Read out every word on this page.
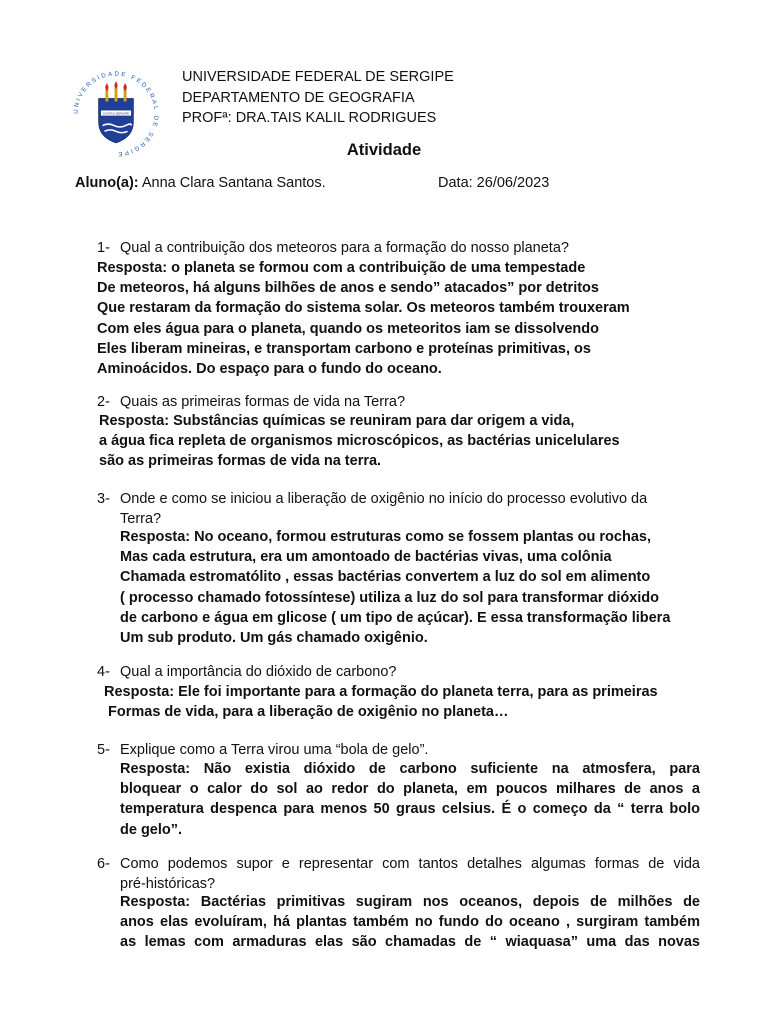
UNIVERSIDADE FEDERAL DE SERGIPE
CIVITAS SERGIPE
UNIVERSIDADE FEDERAL DE SERGIPE
DEPARTAMENTO DE GEOGRAFIA
PROFª: DRA.TAIS KALIL RODRIGUES
Atividade
Aluno(a): Anna Clara Santana Santos.	Data: 26/06/2023
1- Qual a contribuição dos meteoros para a formação do nosso planeta?
Resposta: o planeta se formou com a contribuição de uma tempestade
De meteoros, há alguns bilhões de anos e sendo” atacados” por detritos
Que restaram da formação do sistema solar. Os meteoros também trouxeram
Com eles água para o planeta, quando os meteoritos iam se dissolvendo
Eles liberam mineiras, e transportam carbono e proteínas primitivas, os
Aminoácidos. Do espaço para o fundo do oceano.
2- Quais as primeiras formas de vida na Terra?
Resposta: Substâncias químicas se reuniram para dar origem a vida,
a água fica repleta de organismos microscópicos, as bactérias unicelulares
são as primeiras formas de vida na terra.
3- Onde e como se iniciou a liberação de oxigênio no início do processo evolutivo da
Terra?
Resposta: No oceano, formou estruturas como se fossem plantas ou rochas,
Mas cada estrutura, era um amontoado de bactérias vivas, uma colônia
Chamada estromatólito , essas bactérias convertem a luz do sol em alimento
( processo chamado fotossíntese) utiliza a luz do sol para transformar dióxido
de carbono e água em glicose ( um tipo de açúcar). E essa transformação libera
Um sub produto. Um gás chamado oxigênio.
4- Qual a importância do dióxido de carbono?
Resposta: Ele foi importante para a formação do planeta terra, para as primeiras
Formas de vida, para a liberação de oxigênio no planeta…
5- Explique como a Terra virou uma “bola de gelo”.
Resposta: Não existia dióxido de carbono suficiente na atmosfera, para
bloquear o calor do sol ao redor do planeta, em poucos milhares de anos a
temperatura despenca para menos 50 graus celsius. É o começo da “ terra bolo
de gelo”.
6- Como podemos supor e representar com tantos detalhes algumas formas de vida
pré-históricas?
Resposta: Bactérias primitivas sugiram nos oceanos, depois de milhões de
anos elas evoluíram, há plantas também no fundo do oceano , surgiram também
as lemas com armaduras elas são chamadas de “ wiaquasa” uma das novas
